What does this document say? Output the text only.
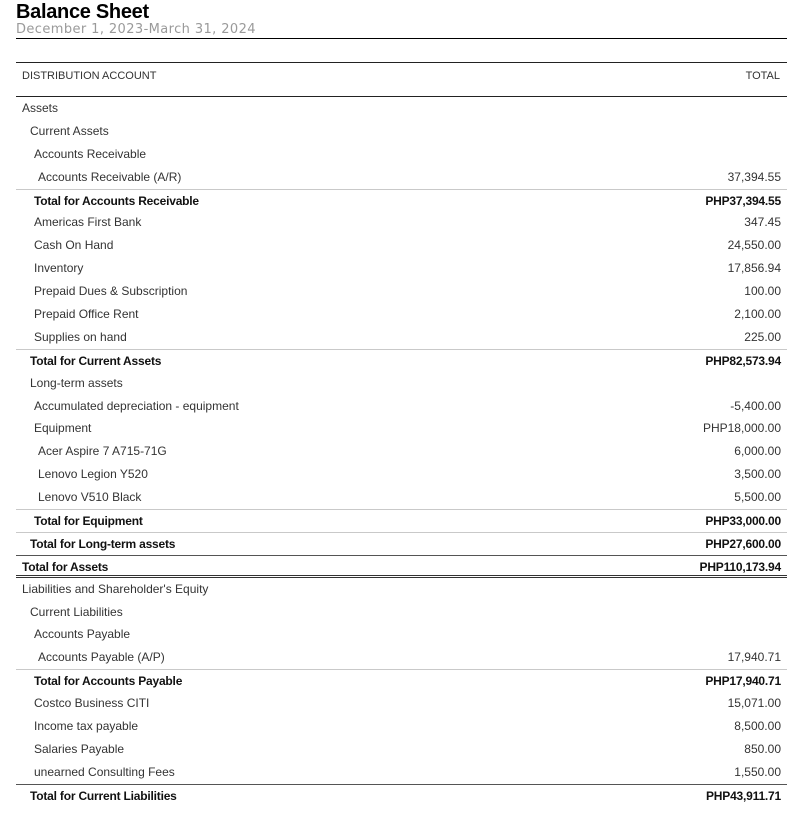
Balance Sheet
December 1, 2023-March 31, 2024
DISTRIBUTION ACCOUNT	TOTAL
Assets
Current Assets
Accounts Receivable
Accounts Receivable (A/R)	37,394.55
Total for Accounts Receivable	PHP37,394.55
Americas First Bank	347.45
Cash On Hand	24,550.00
Inventory	17,856.94
Prepaid Dues & Subscription	100.00
Prepaid Office Rent	2,100.00
Supplies on hand	225.00
Total for Current Assets	PHP82,573.94
Long-term assets
Accumulated depreciation - equipment	-5,400.00
Equipment	PHP18,000.00
Acer Aspire 7 A715-71G	6,000.00
Lenovo Legion Y520	3,500.00
Lenovo V510 Black	5,500.00
Total for Equipment	PHP33,000.00
Total for Long-term assets	PHP27,600.00
Total for Assets	PHP110,173.94
Liabilities and Shareholder's Equity
Current Liabilities
Accounts Payable
Accounts Payable (A/P)	17,940.71
Total for Accounts Payable	PHP17,940.71
Costco Business CITI	15,071.00
Income tax payable	8,500.00
Salaries Payable	850.00
unearned Consulting Fees	1,550.00
Total for Current Liabilities	PHP43,911.71
